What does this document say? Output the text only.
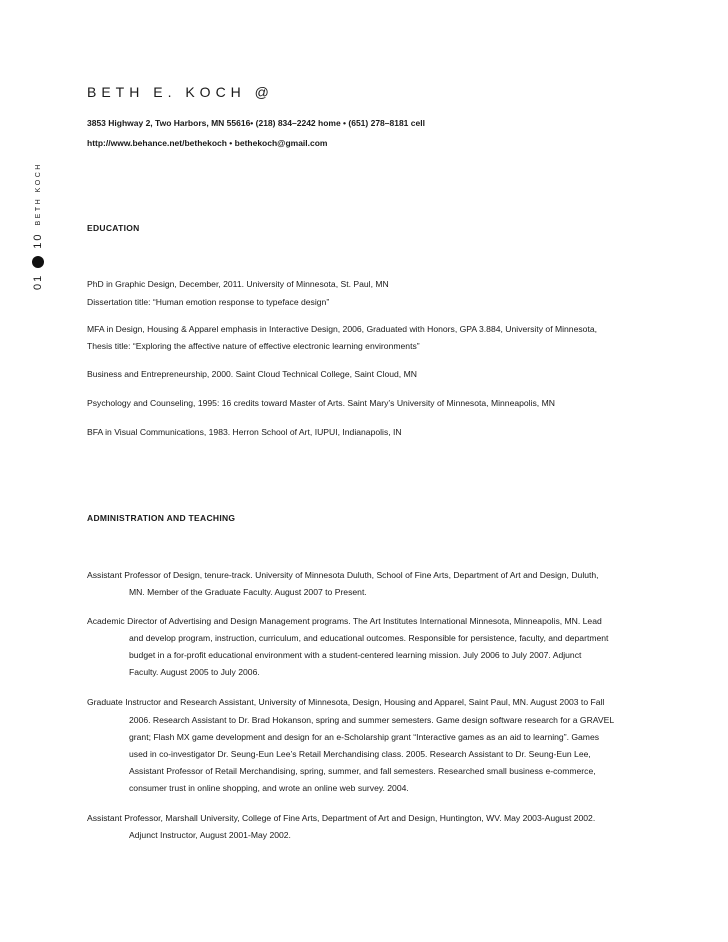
01
10
BETH KOCH
BETH E. KOCH @
3853 Highway 2, Two Harbors, MN 55616• (218) 834–2242 home • (651) 278–8181 cell
http://www.behance.net/bethekoch • bethekoch@gmail.com
EDUCATION
PhD in Graphic Design, December, 2011. University of Minnesota, St. Paul, MN
Dissertation title: “Human emotion response to typeface design”
MFA in Design, Housing & Apparel emphasis in Interactive Design, 2006, Graduated with Honors, GPA 3.884, University of Minnesota,
Thesis title: “Exploring the affective nature of effective electronic learning environments”
Business and Entrepreneurship, 2000. Saint Cloud Technical College, Saint Cloud, MN
Psychology and Counseling, 1995: 16 credits toward Master of Arts. Saint Mary’s University of Minnesota, Minneapolis, MN
BFA in Visual Communications, 1983. Herron School of Art, IUPUI, Indianapolis, IN
ADMINISTRATION AND TEACHING
Assistant Professor of Design, tenure-track. University of Minnesota Duluth, School of Fine Arts, Department of Art and Design, Duluth,
MN. Member of the Graduate Faculty. August 2007 to Present.
Academic Director of Advertising and Design Management programs. The Art Institutes International Minnesota, Minneapolis, MN. Lead
and develop program, instruction, curriculum, and educational outcomes. Responsible for persistence, faculty, and department
budget in a for-profit educational environment with a student-centered learning mission. July 2006 to July 2007. Adjunct
Faculty. August 2005 to July 2006.
Graduate Instructor and Research Assistant, University of Minnesota, Design, Housing and Apparel, Saint Paul, MN. August 2003 to Fall
2006. Research Assistant to Dr. Brad Hokanson, spring and summer semesters. Game design software research for a GRAVEL
grant; Flash MX game development and design for an e-Scholarship grant “Interactive games as an aid to learning”. Games
used in co-investigator Dr. Seung-Eun Lee’s Retail Merchandising class. 2005. Research Assistant to Dr. Seung-Eun Lee,
Assistant Professor of Retail Merchandising, spring, summer, and fall semesters. Researched small business e-commerce,
consumer trust in online shopping, and wrote an online web survey. 2004.
Assistant Professor, Marshall University, College of Fine Arts, Department of Art and Design, Huntington, WV. May 2003-August 2002.
Adjunct Instructor, August 2001-May 2002.
